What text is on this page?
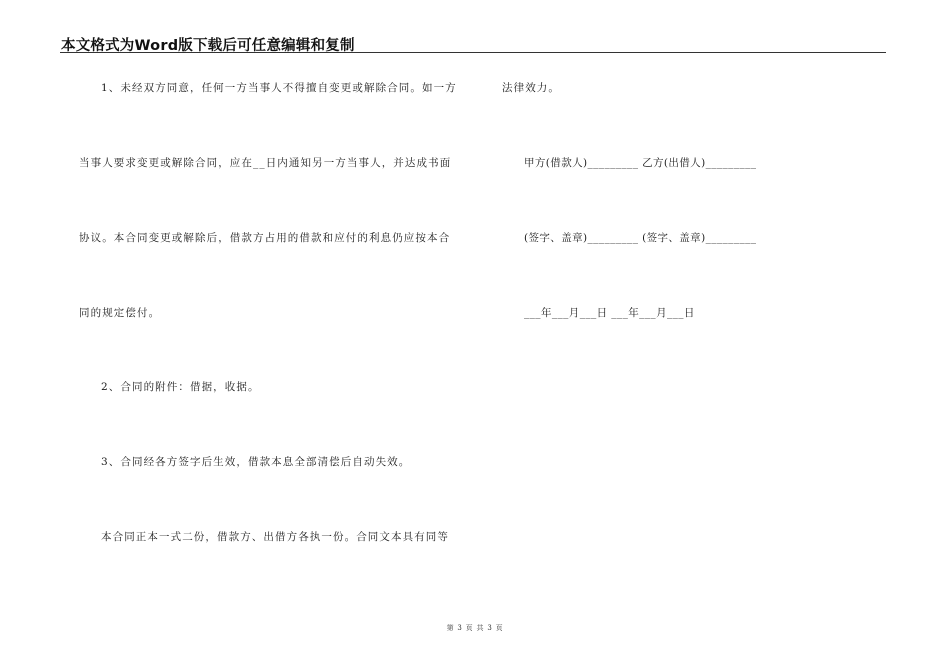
本文格式为Word版下载后可任意编辑和复制
1、未经双方同意，任何一方当事人不得擅自变更或解除合同。如一方
当事人要求变更或解除合同，应在__日内通知另一方当事人，并达成书面
协议。本合同变更或解除后，借款方占用的借款和应付的利息仍应按本合
同的规定偿付。
2、合同的附件：借据，收据。
3、合同经各方签字后生效，借款本息全部清偿后自动失效。
本合同正本一式二份，借款方、出借方各执一份。合同文本具有同等
法律效力。
甲方(借款人)_________ 乙方(出借人)_________
(签字、盖章)_________ (签字、盖章)_________
___年___月___日 ___年___月___日
第 3 页 共 3 页
